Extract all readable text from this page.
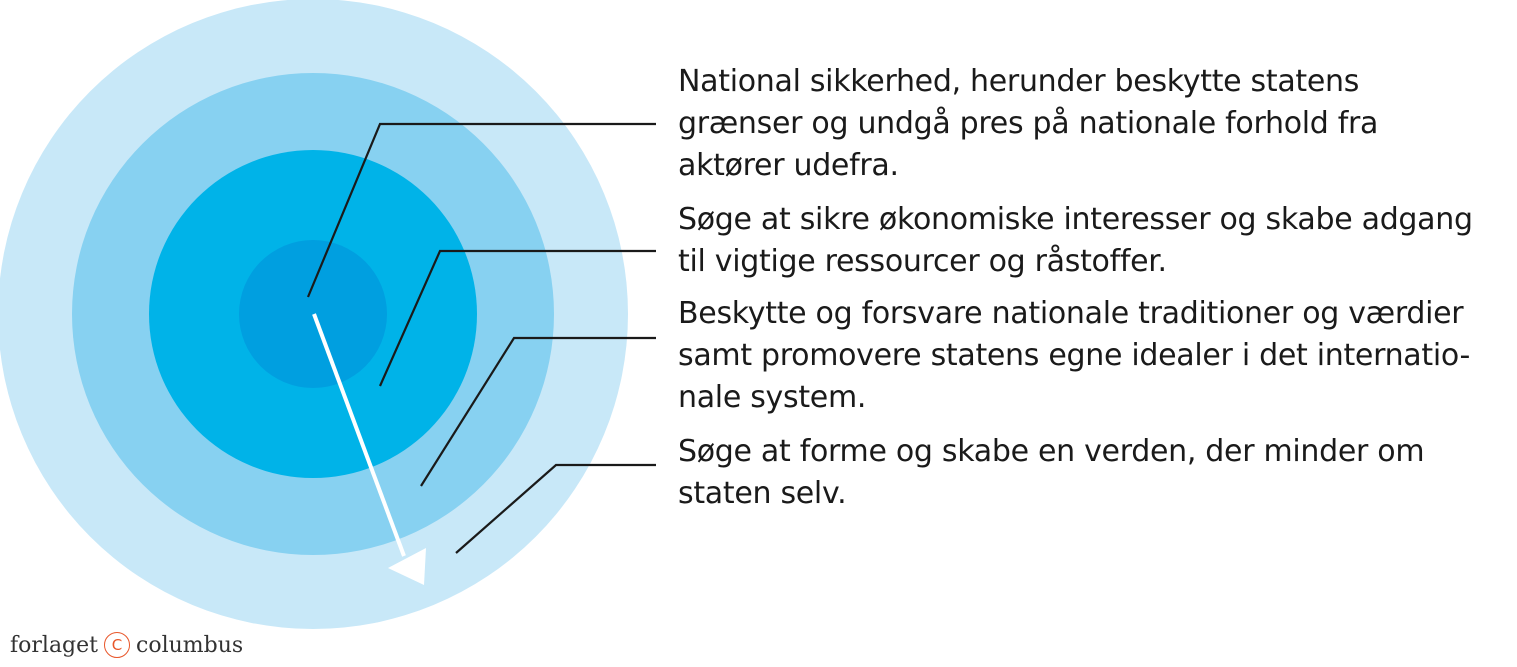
National sikkerhed, herunder beskytte statens
grænser og undgå pres på nationale forhold fra
aktører udefra.
Søge at sikre økonomiske interesser og skabe adgang
til vigtige ressourcer og råstoffer.
Beskytte og forsvare nationale traditioner og værdier
samt promovere statens egne idealer i det internatio-
nale system.
Søge at forme og skabe en verden, der minder om
staten selv.
forlaget C columbus
